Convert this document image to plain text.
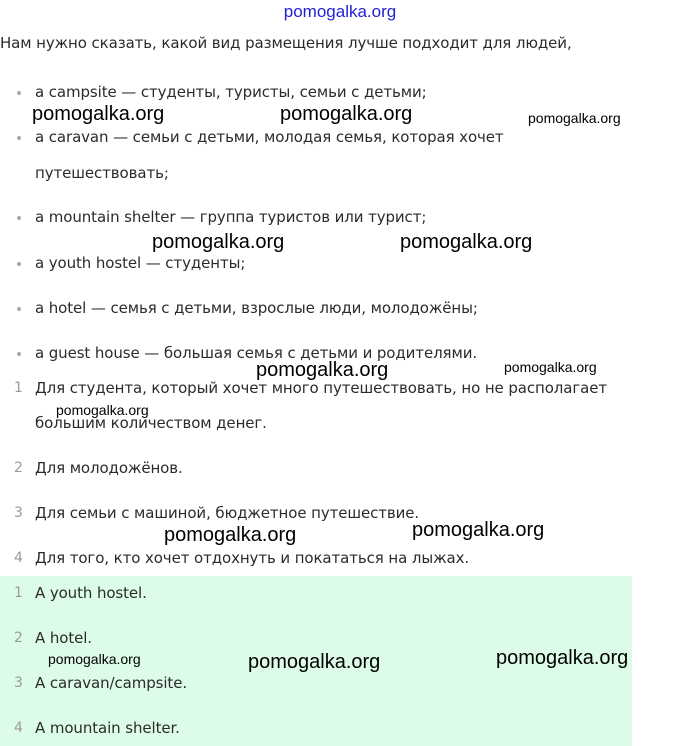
pomogalka.org
Нам нужно сказать, какой вид размещения лучше подходит для людей,
a campsite — студенты, туристы, семьи с детьми;
a caravan — семьи с детьми, молодая семья, которая хочет
путешествовать;
a mountain shelter — группа туристов или турист;
a youth hostel — студенты;
a hotel — семья с детьми, взрослые люди, молодожёны;
a guest house — большая семья с детьми и родителями.
1 Для студента, который хочет много путешествовать, но не располагает
большим количеством денег.
2 Для молодожёнов.
3 Для семьи с машиной, бюджетное путешествие.
4 Для того, кто хочет отдохнуть и покататься на лыжах.
1 A youth hostel.
2 A hotel.
3 A caravan/campsite.
4 A mountain shelter.
pomogalka.org	pomogalka.org	pomogalka.org
pomogalka.org	pomogalka.org
pomogalka.org	pomogalka.org
pomogalka.org
pomogalka.org	pomogalka.org
pomogalka.org	pomogalka.org	pomogalka.org
